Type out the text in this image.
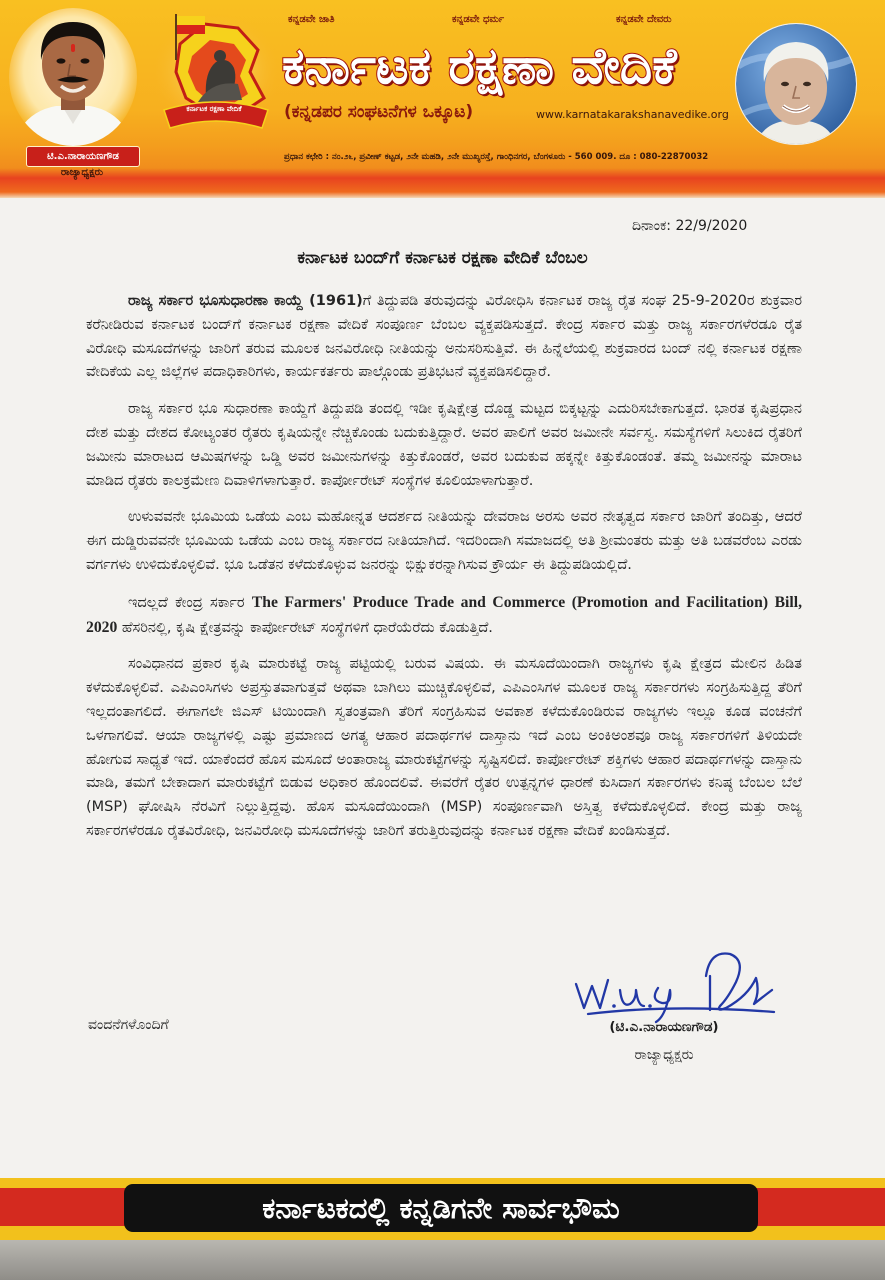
ಕನ್ನಡವೇ ಜಾತಿ	ಕನ್ನಡವೇ ಧರ್ಮ	ಕನ್ನಡವೇ ದೇವರು
ಕರ್ನಾಟಕ ರಕ್ಷಣಾ ವೇದಿಕೆ
(ಕನ್ನಡಪರ ಸಂಘಟನೆಗಳ ಒಕ್ಕೂಟ)	www.karnatakarakshanavedike.org
ಪ್ರಧಾನ ಕಛೇರಿ : ನಂ.೨೬, ಪ್ರವೀಣ್ ಕಟ್ಟಡ, ೨ನೇ ಮಹಡಿ, ೨ನೇ ಮುಖ್ಯರಸ್ತೆ, ಗಾಂಧಿನಗರ, ಬೆಂಗಳೂರು - 560 009. ದೂ : 080-22870032
ಟಿ.ಎ.ನಾರಾಯಣಗೌಡ
ರಾಜ್ಯಾಧ್ಯಕ್ಷರು
ಕರ್ನಾಟಕ ರಕ್ಷಣಾ ವೇದಿಕೆ
ದಿನಾಂಕ: 22/9/2020
ಕರ್ನಾಟಕ ಬಂದ್‌ಗೆ ಕರ್ನಾಟಕ ರಕ್ಷಣಾ ವೇದಿಕೆ ಬೆಂಬಲ

ರಾಜ್ಯ ಸರ್ಕಾರ ಭೂಸುಧಾರಣಾ ಕಾಯ್ದೆ (1961)ಗೆ ತಿದ್ದುಪಡಿ ತರುವುದನ್ನು ವಿರೋಧಿಸಿ ಕರ್ನಾಟಕ ರಾಜ್ಯ ರೈತ ಸಂಘ 25-9-2020ರ ಶುಕ್ರವಾರ ಕರೆನೀಡಿರುವ ಕರ್ನಾಟಕ ಬಂದ್‌ಗೆ ಕರ್ನಾಟಕ ರಕ್ಷಣಾ ವೇದಿಕೆ ಸಂಪೂರ್ಣ ಬೆಂಬಲ ವ್ಯಕ್ತಪಡಿಸುತ್ತದೆ. ಕೇಂದ್ರ ಸರ್ಕಾರ ಮತ್ತು ರಾಜ್ಯ ಸರ್ಕಾರಗಳೆರಡೂ ರೈತ ವಿರೋಧಿ ಮಸೂದೆಗಳನ್ನು ಜಾರಿಗೆ ತರುವ ಮೂಲಕ ಜನವಿರೋಧಿ ನೀತಿಯನ್ನು ಅನುಸರಿಸುತ್ತಿವೆ. ಈ ಹಿನ್ನೆಲೆಯಲ್ಲಿ ಶುಕ್ರವಾರದ ಬಂದ್ ನಲ್ಲಿ ಕರ್ನಾಟಕ ರಕ್ಷಣಾ ವೇದಿಕೆಯ ಎಲ್ಲ ಜಿಲ್ಲೆಗಳ ಪದಾಧಿಕಾರಿಗಳು, ಕಾರ್ಯಕರ್ತರು ಪಾಲ್ಗೊಂಡು ಪ್ರತಿಭಟನೆ ವ್ಯಕ್ತಪಡಿಸಲಿದ್ದಾರೆ.

ರಾಜ್ಯ ಸರ್ಕಾರ ಭೂ ಸುಧಾರಣಾ ಕಾಯ್ದೆಗೆ ತಿದ್ದುಪಡಿ ತಂದಲ್ಲಿ ಇಡೀ ಕೃಷಿಕ್ಷೇತ್ರ ದೊಡ್ಡ ಮಟ್ಟದ ಬಿಕ್ಕಟ್ಟನ್ನು ಎದುರಿಸಬೇಕಾಗುತ್ತದೆ. ಭಾರತ ಕೃಷಿಪ್ರಧಾನ ದೇಶ ಮತ್ತು ದೇಶದ ಕೋಟ್ಯಂತರ ರೈತರು ಕೃಷಿಯನ್ನೇ ನೆಚ್ಚಿಕೊಂಡು ಬದುಕುತ್ತಿದ್ದಾರೆ. ಅವರ ಪಾಲಿಗೆ ಅವರ ಜಮೀನೇ ಸರ್ವಸ್ವ. ಸಮಸ್ಯೆಗಳಿಗೆ ಸಿಲುಕಿದ ರೈತರಿಗೆ ಜಮೀನು ಮಾರಾಟದ ಆಮಿಷಗಳನ್ನು ಒಡ್ಡಿ ಅವರ ಜಮೀನುಗಳನ್ನು ಕಿತ್ತುಕೊಂಡರೆ, ಅವರ ಬದುಕುವ ಹಕ್ಕನ್ನೇ ಕಿತ್ತುಕೊಂಡಂತೆ. ತಮ್ಮ ಜಮೀನನ್ನು ಮಾರಾಟ ಮಾಡಿದ ರೈತರು ಕಾಲಕ್ರಮೇಣ ದಿವಾಳಿಗಳಾಗುತ್ತಾರೆ. ಕಾರ್ಪೋರೇಟ್ ಸಂಸ್ಥೆಗಳ ಕೂಲಿಯಾಳಾಗುತ್ತಾರೆ.

ಉಳುವವನೇ ಭೂಮಿಯ ಒಡೆಯ ಎಂಬ ಮಹೋನ್ನತ ಆದರ್ಶದ ನೀತಿಯನ್ನು ದೇವರಾಜ ಅರಸು ಅವರ ನೇತೃತ್ವದ ಸರ್ಕಾರ ಜಾರಿಗೆ ತಂದಿತ್ತು, ಆದರೆ ಈಗ ದುಡ್ಡಿರುವವನೇ ಭೂಮಿಯ ಒಡೆಯ ಎಂಬ ರಾಜ್ಯ ಸರ್ಕಾರದ ನೀತಿಯಾಗಿದೆ. ಇದರಿಂದಾಗಿ ಸಮಾಜದಲ್ಲಿ ಅತಿ ಶ್ರೀಮಂತರು ಮತ್ತು ಅತಿ ಬಡವರೆಂಬ ಎರಡು ವರ್ಗಗಳು ಉಳಿದುಕೊಳ್ಳಲಿವೆ. ಭೂ ಒಡೆತನ ಕಳೆದುಕೊಳ್ಳುವ ಜನರನ್ನು ಭಿಕ್ಷುಕರನ್ನಾಗಿಸುವ ಕ್ರೌರ್ಯ ಈ ತಿದ್ದುಪಡಿಯಲ್ಲಿದೆ.

ಇದಲ್ಲದೆ ಕೇಂದ್ರ ಸರ್ಕಾರ The Farmers' Produce Trade and Commerce (Promotion and Facilitation) Bill, 2020 ಹೆಸರಿನಲ್ಲಿ, ಕೃಷಿ ಕ್ಷೇತ್ರವನ್ನು ಕಾರ್ಪೋರೇಟ್ ಸಂಸ್ಥೆಗಳಿಗೆ ಧಾರೆಯೆರೆದು ಕೊಡುತ್ತಿದೆ.

ಸಂವಿಧಾನದ ಪ್ರಕಾರ ಕೃಷಿ ಮಾರುಕಟ್ಟೆ ರಾಜ್ಯ ಪಟ್ಟಿಯಲ್ಲಿ ಬರುವ ವಿಷಯ. ಈ ಮಸೂದೆಯಿಂದಾಗಿ ರಾಜ್ಯಗಳು ಕೃಷಿ ಕ್ಷೇತ್ರದ ಮೇಲಿನ ಹಿಡಿತ ಕಳೆದುಕೊಳ್ಳಲಿವೆ. ಎಪಿಎಂಸಿಗಳು ಅಪ್ರಸ್ತುತವಾಗುತ್ತವೆ ಅಥವಾ ಬಾಗಿಲು ಮುಚ್ಚಿಕೊಳ್ಳಲಿವೆ, ಎಪಿಎಂಸಿಗಳ ಮೂಲಕ ರಾಜ್ಯ ಸರ್ಕಾರಗಳು ಸಂಗ್ರಹಿಸುತ್ತಿದ್ದ ತೆರಿಗೆ ಇಲ್ಲದಂತಾಗಲಿದೆ. ಈಗಾಗಲೇ ಜಿಎಸ್ ಟಿಯಿಂದಾಗಿ ಸ್ವತಂತ್ರವಾಗಿ ತೆರಿಗೆ ಸಂಗ್ರಹಿಸುವ ಅವಕಾಶ ಕಳೆದುಕೊಂಡಿರುವ ರಾಜ್ಯಗಳು ಇಲ್ಲೂ ಕೂಡ ವಂಚನೆಗೆ ಒಳಗಾಗಲಿವೆ. ಆಯಾ ರಾಜ್ಯಗಳಲ್ಲಿ ಎಷ್ಟು ಪ್ರಮಾಣದ ಅಗತ್ಯ ಆಹಾರ ಪದಾರ್ಥಗಳ ದಾಸ್ತಾನು ಇದೆ ಎಂಬ ಅಂಕಿಅಂಶವೂ ರಾಜ್ಯ ಸರ್ಕಾರಗಳಿಗೆ ತಿಳಿಯದೇ ಹೋಗುವ ಸಾಧ್ಯತೆ ಇದೆ. ಯಾಕೆಂದರೆ ಹೊಸ ಮಸೂದೆ ಅಂತಾರಾಜ್ಯ ಮಾರುಕಟ್ಟೆಗಳನ್ನು ಸೃಷ್ಟಿಸಲಿದೆ. ಕಾರ್ಪೋರೇಟ್ ಶಕ್ತಿಗಳು ಆಹಾರ ಪದಾರ್ಥಗಳನ್ನು ದಾಸ್ತಾನು ಮಾಡಿ, ತಮಗೆ ಬೇಕಾದಾಗ ಮಾರುಕಟ್ಟೆಗೆ ಬಿಡುವ ಅಧಿಕಾರ ಹೊಂದಲಿವೆ. ಈವರೆಗೆ ರೈತರ ಉತ್ಪನ್ನಗಳ ಧಾರಣೆ ಕುಸಿದಾಗ ಸರ್ಕಾರಗಳು ಕನಿಷ್ಠ ಬೆಂಬಲ ಬೆಲೆ (MSP) ಘೋಷಿಸಿ ನೆರವಿಗೆ ನಿಲ್ಲುತ್ತಿದ್ದವು. ಹೊಸ ಮಸೂದೆಯಿಂದಾಗಿ (MSP) ಸಂಪೂರ್ಣವಾಗಿ ಅಸ್ತಿತ್ವ ಕಳೆದುಕೊಳ್ಳಲಿದೆ. ಕೇಂದ್ರ ಮತ್ತು ರಾಜ್ಯ ಸರ್ಕಾರಗಳೆರಡೂ ರೈತವಿರೋಧಿ, ಜನವಿರೋಧಿ ಮಸೂದೆಗಳನ್ನು ಜಾರಿಗೆ ತರುತ್ತಿರುವುದನ್ನು ಕರ್ನಾಟಕ ರಕ್ಷಣಾ ವೇದಿಕೆ ಖಂಡಿಸುತ್ತದೆ.

ವಂದನೆಗಳೊಂದಿಗೆ	(ಟಿ.ಎ.ನಾರಾಯಣಗೌಡ)
ರಾಜ್ಯಾಧ್ಯಕ್ಷರು
ಕರ್ನಾಟಕದಲ್ಲಿ ಕನ್ನಡಿಗನೇ ಸಾರ್ವಭೌಮ
